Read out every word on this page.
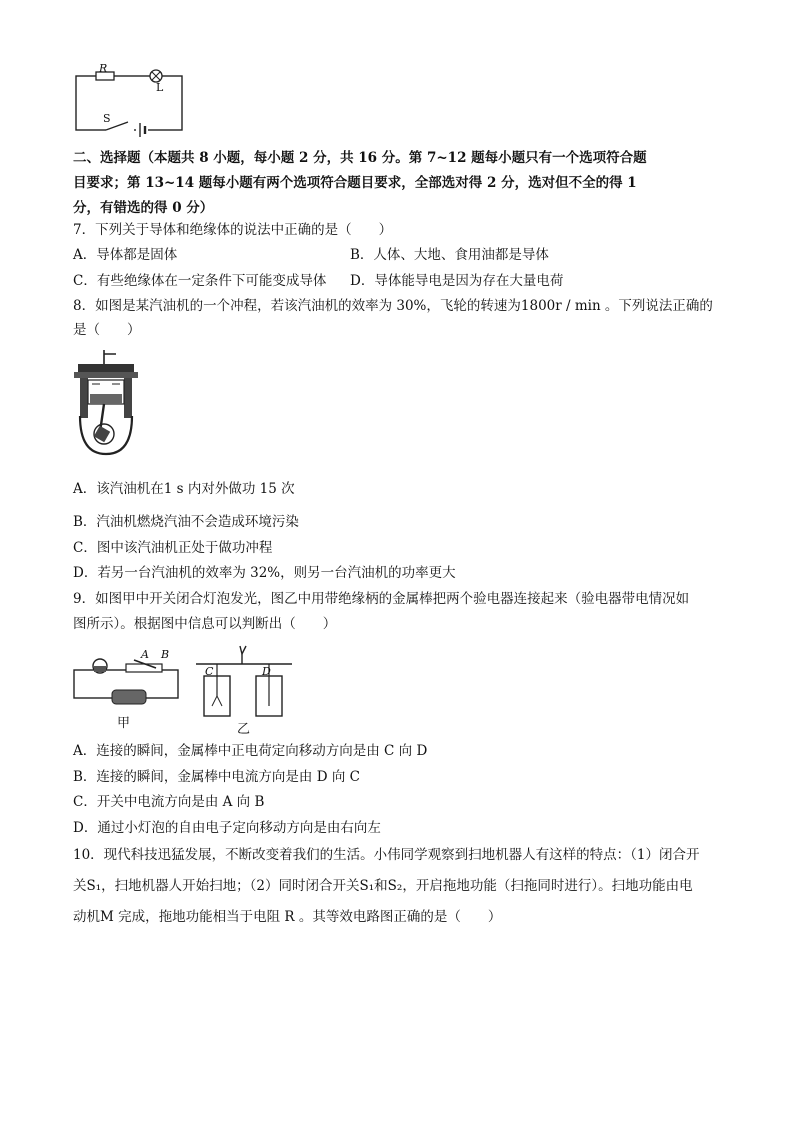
R
L
S
二、选择题（本题共 8 小题，每小题 2 分，共 16 分。第 7~12 题每小题只有一个选项符合题
目要求；第 13~14 题每小题有两个选项符合题目要求，全部选对得 2 分，选对但不全的得 1
分，有错选的得 0 分）
7．下列关于导体和绝缘体的说法中正确的是（　　）
A．导体都是固体	B．人体、大地、食用油都是导体
C．有些绝缘体在一定条件下可能变成导体 D．导体能导电是因为存在大量电荷
8．如图是某汽油机的一个冲程，若该汽油机的效率为 30%，飞轮的转速为1800r / min 。下列说法正确的
是（　　）
A．该汽油机在1 s 内对外做功 15 次
B．汽油机燃烧汽油不会造成环境污染
C．图中该汽油机正处于做功冲程
D．若另一台汽油机的效率为 32%，则另一台汽油机的功率更大
9．如图甲中开关闭合灯泡发光，图乙中用带绝缘柄的金属棒把两个验电器连接起来（验电器带电情况如
图所示）。根据图中信息可以判断出（　　）
A B
甲
C	D
乙
A．连接的瞬间，金属棒中正电荷定向移动方向是由 C 向 D
B．连接的瞬间，金属棒中电流方向是由 D 向 C
C．开关中电流方向是由 A 向 B
D．通过小灯泡的自由电子定向移动方向是由右向左
10．现代科技迅猛发展，不断改变着我们的生活。小伟同学观察到扫地机器人有这样的特点：（1）闭合开
关S₁，扫地机器人开始扫地；（2）同时闭合开关S₁和S₂，开启拖地功能（扫拖同时进行）。扫地功能由电
动机M 完成，拖地功能相当于电阻 R 。其等效电路图正确的是（　　）
